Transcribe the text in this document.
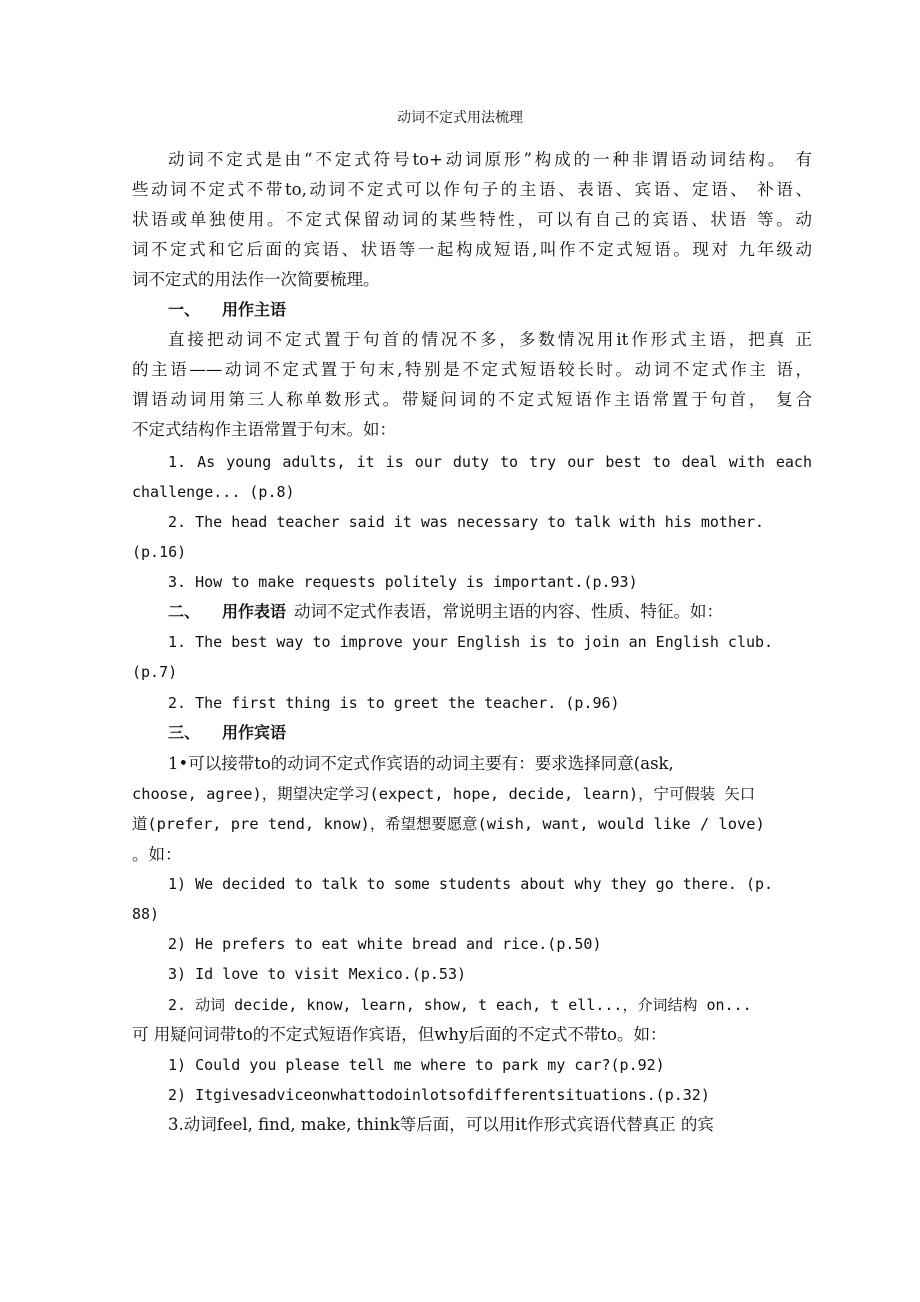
动词不定式用法梳理
动词不定式是由“不定式符号to+动词原形”构成的一种非谓语动词结构。 有
些动词不定式不带to,动词不定式可以作句子的主语、表语、宾语、定语、 补语、
状语或单独使用。不定式保留动词的某些特性，可以有自己的宾语、状语 等。动
词不定式和它后面的宾语、状语等一起构成短语,叫作不定式短语。现对 九年级动
词不定式的用法作一次简要梳理。
一、 用作主语
直接把动词不定式置于句首的情况不多，多数情况用it作形式主语，把真 正
的主语——动词不定式置于句末,特别是不定式短语较长时。动词不定式作主 语，
谓语动词用第三人称单数形式。带疑问词的不定式短语作主语常置于句首， 复合
不定式结构作主语常置于句末。如：
1. As young adults, it is our duty to try our best to deal with each
challenge... (p.8)
2. The head teacher said it was necessary to talk with his mother.
(p.16)
3. How to make requests politely is important.(p.93)
二、 用作表语 动词不定式作表语，常说明主语的内容、性质、特征。如：
1. The best way to improve your English is to join an English club.
(p.7)
2. The first thing is to greet the teacher. (p.96)
三、 用作宾语
1•可以接带to的动词不定式作宾语的动词主要有：要求选择同意(ask,
choose, agree)，期望决定学习(expect, hope, decide, learn)，宁可假装 矢口
道(prefer, pre tend, know)，希望想要愿意(wish, want, would like / love)
。如：
1) We decided to talk to some students about why they go there. (p.
88)
2) He prefers to eat white bread and rice.(p.50)
3) Id love to visit Mexico.(p.53)
2. 动词 decide, know, learn, show, t each, t ell...，介词结构 on...
可 用疑问词带to的不定式短语作宾语，但why后面的不定式不带to。如：
1) Could you please tell me where to park my car?(p.92)
2) Itgivesadviceonwhattodoinlotsofdifferentsituations.(p.32)
3.动词feel, find, make, think等后面，可以用it作形式宾语代替真正 的宾
